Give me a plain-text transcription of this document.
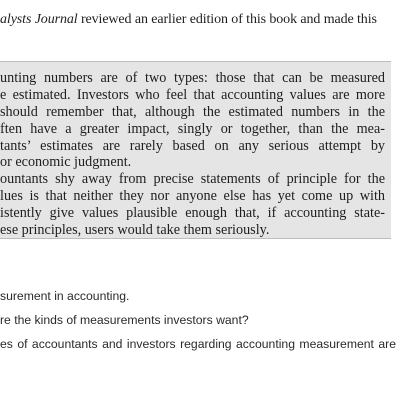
alysts Journal reviewed an earlier edition of this book and made this

unting numbers are of two types: those that can be measured
e estimated. Investors who feel that accounting values are more
should remember that, although the estimated numbers in the
ften have a greater impact, singly or together, than the mea-
tants’ estimates are rarely based on any serious attempt by
or economic judgment.
ountants shy away from precise statements of principle for the
lues is that neither they nor anyone else has yet come up with
istently give values plausible enough that, if accounting state-
ese principles, users would take them seriously.
surement in accounting.
re the kinds of measurements investors want?
es of accountants and investors regarding accounting measurement are
